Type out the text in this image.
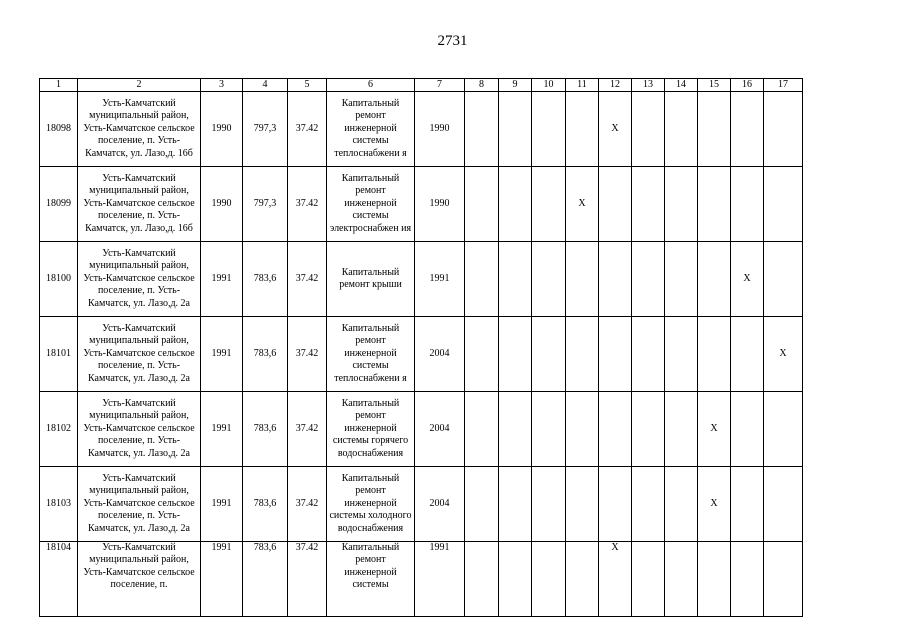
2731
1	2	3	4	5	6	7	8	9	10	11	12	13	14	15	16	17
18098	Усть-Камчатский муниципальный район, Усть-Камчатское сельское поселение, п. Усть-Камчатск, ул. Лазо,д. 16б	1990	797,3	37.42	Капитальный ремонт инженерной системы теплоснабжени я	1990					X					
18099	Усть-Камчатский муниципальный район, Усть-Камчатское сельское поселение, п. Усть-Камчатск, ул. Лазо,д. 16б	1990	797,3	37.42	Капитальный ремонт инженерной системы электроснабжен ия	1990				X						
18100	Усть-Камчатский муниципальный район, Усть-Камчатское сельское поселение, п. Усть-Камчатск, ул. Лазо,д. 2а	1991	783,6	37.42	Капитальный ремонт крыши	1991									X	
18101	Усть-Камчатский муниципальный район, Усть-Камчатское сельское поселение, п. Усть-Камчатск, ул. Лазо,д. 2а	1991	783,6	37.42	Капитальный ремонт инженерной системы теплоснабжени я	2004										X
18102	Усть-Камчатский муниципальный район, Усть-Камчатское сельское поселение, п. Усть-Камчатск, ул. Лазо,д. 2а	1991	783,6	37.42	Капитальный ремонт инженерной системы горячего водоснабжения	2004								X		
18103	Усть-Камчатский муниципальный район, Усть-Камчатское сельское поселение, п. Усть-Камчатск, ул. Лазо,д. 2а	1991	783,6	37.42	Капитальный ремонт инженерной системы холодного водоснабжения	2004								X		
18104	Усть-Камчатский муниципальный район, Усть-Камчатское сельское поселение, п.	1991	783,6	37.42	Капитальный ремонт инженерной системы	1991					X					
